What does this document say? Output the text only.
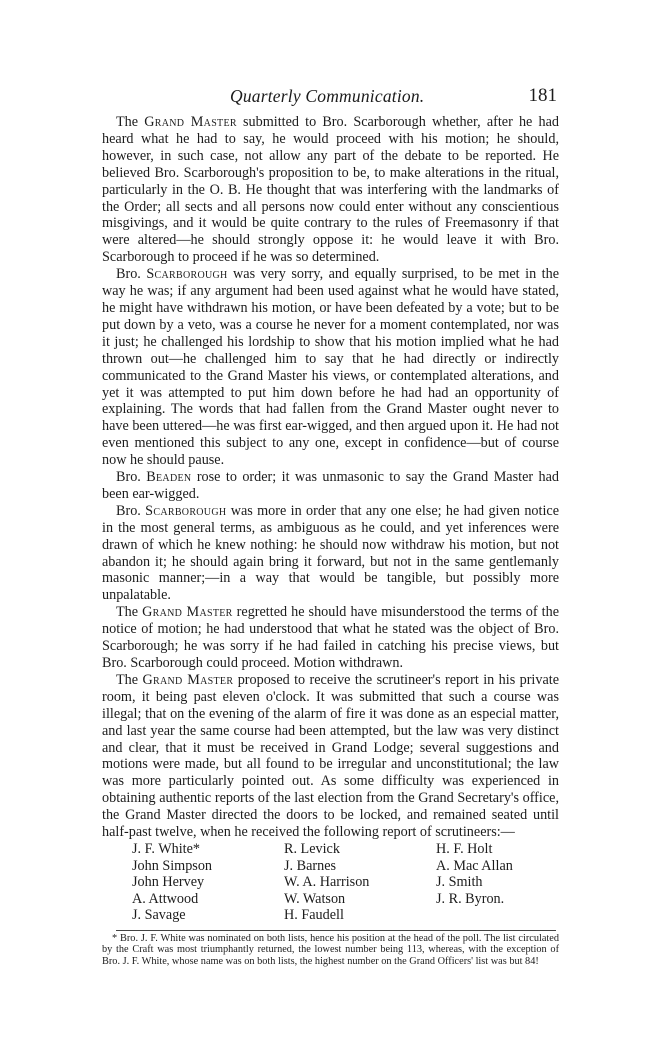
Quarterly Communication.	181

The Grand Master submitted to Bro. Scarborough whether, after he had heard what he had to say, he would proceed with his motion; he should, however, in such case, not allow any part of the debate to be reported. He believed Bro. Scarborough's proposition to be, to make alterations in the ritual, particularly in the O. B. He thought that was interfering with the landmarks of the Order; all sects and all persons now could enter without any conscientious misgivings, and it would be quite contrary to the rules of Freemasonry if that were altered—he should strongly oppose it: he would leave it with Bro. Scarborough to proceed if he was so determined.

Bro. Scarborough was very sorry, and equally surprised, to be met in the way he was; if any argument had been used against what he would have stated, he might have withdrawn his motion, or have been defeated by a vote; but to be put down by a veto, was a course he never for a moment contemplated, nor was it just; he challenged his lordship to show that his motion implied what he had thrown out—he challenged him to say that he had directly or indirectly communicated to the Grand Master his views, or contemplated alterations, and yet it was attempted to put him down before he had had an opportunity of explaining. The words that had fallen from the Grand Master ought never to have been uttered—he was first ear-wigged, and then argued upon it. He had not even mentioned this subject to any one, except in confidence—but of course now he should pause.

Bro. Beaden rose to order; it was unmasonic to say the Grand Master had been ear-wigged.

Bro. Scarborough was more in order that any one else; he had given notice in the most general terms, as ambiguous as he could, and yet inferences were drawn of which he knew nothing: he should now withdraw his motion, but not abandon it; he should again bring it forward, but not in the same gentlemanly masonic manner;—in a way that would be tangible, but possibly more unpalatable.

The Grand Master regretted he should have misunderstood the terms of the notice of motion; he had understood that what he stated was the object of Bro. Scarborough; he was sorry if he had failed in catching his precise views, but Bro. Scarborough could proceed. Motion withdrawn.

The Grand Master proposed to receive the scrutineer's report in his private room, it being past eleven o'clock. It was submitted that such a course was illegal; that on the evening of the alarm of fire it was done as an especial matter, and last year the same course had been attempted, but the law was very distinct and clear, that it must be received in Grand Lodge; several suggestions and motions were made, but all found to be irregular and unconstitutional; the law was more particularly pointed out. As some difficulty was experienced in obtaining authentic reports of the last election from the Grand Secretary's office, the Grand Master directed the doors to be locked, and remained seated until half-past twelve, when he received the following report of scrutineers:—

J. F. White*	R. Levick	H. F. Holt
John Simpson	J. Barnes	A. Mac Allan
John Hervey	W. A. Harrison	J. Smith
A. Attwood	W. Watson	J. R. Byron.
J. Savage	H. Faudell

* Bro. J. F. White was nominated on both lists, hence his position at the head of the poll. The list circulated by the Craft was most triumphantly returned, the lowest number being 113, whereas, with the exception of Bro. J. F. White, whose name was on both lists, the highest number on the Grand Officers' list was but 84!
